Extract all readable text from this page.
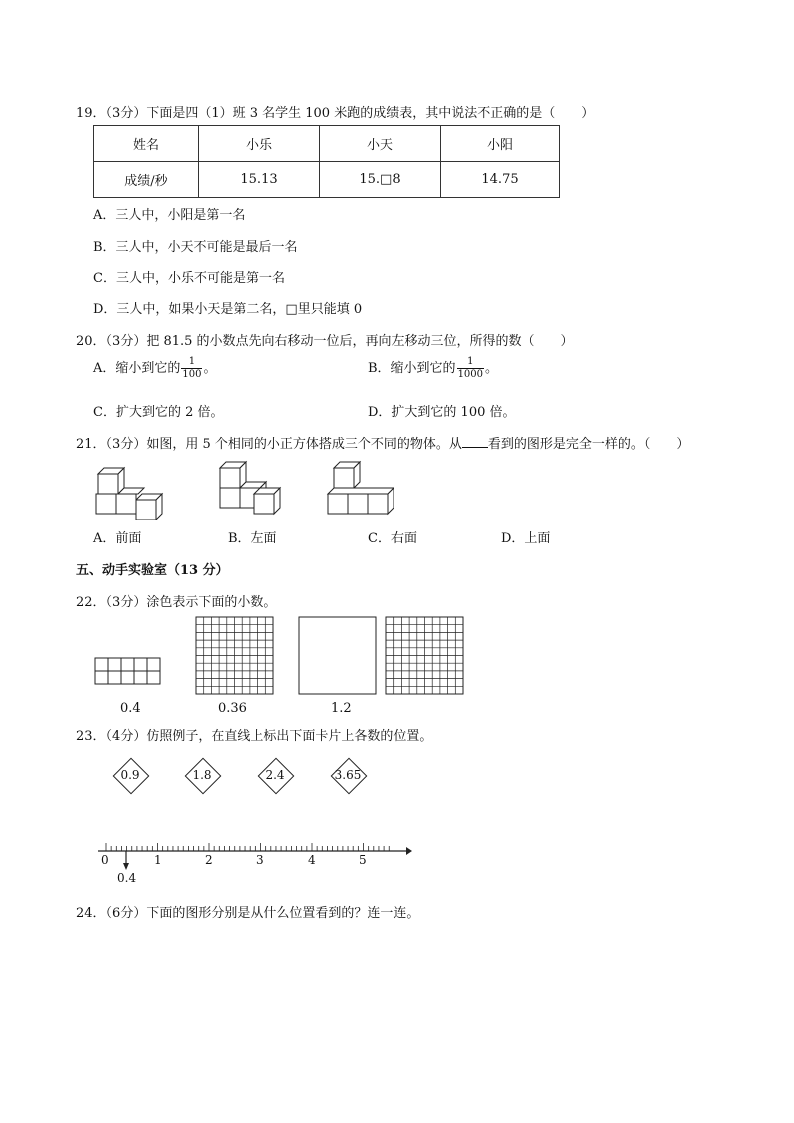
19．（3分）下面是四（1）班 3 名学生 100 米跑的成绩表，其中说法不正确的是（　　）
姓名	小乐	小天	小阳
成绩/秒	15.13	15.□8	14.75
A．三人中，小阳是第一名
B．三人中，小天不可能是最后一名
C．三人中，小乐不可能是第一名
D．三人中，如果小天是第二名，□里只能填 0
20．（3分）把 81.5 的小数点先向右移动一位后，再向左移动三位，所得的数（　　）
A．缩小到它的 $\frac{1}{100}$ 。	B．缩小到它的 $\frac{1}{1000}$ 。
C．扩大到它的 2 倍。	D．扩大到它的 100 倍。
21．（3分）如图，用 5 个相同的小正方体搭成三个不同的物体。从 看到的图形是完全一样的。（　　）
A．前面	B．左面	C．右面	D．上面
五、动手实验室（13 分）
22．（3分）涂色表示下面的小数。
0.4	0.36	1.2
23．（4分）仿照例子，在直线上标出下面卡片上各数的位置。
0.9	1.8	2.4	3.65
0	1	2	3	4	5
0.4
24．（6分）下面的图形分别是从什么位置看到的？连一连。
